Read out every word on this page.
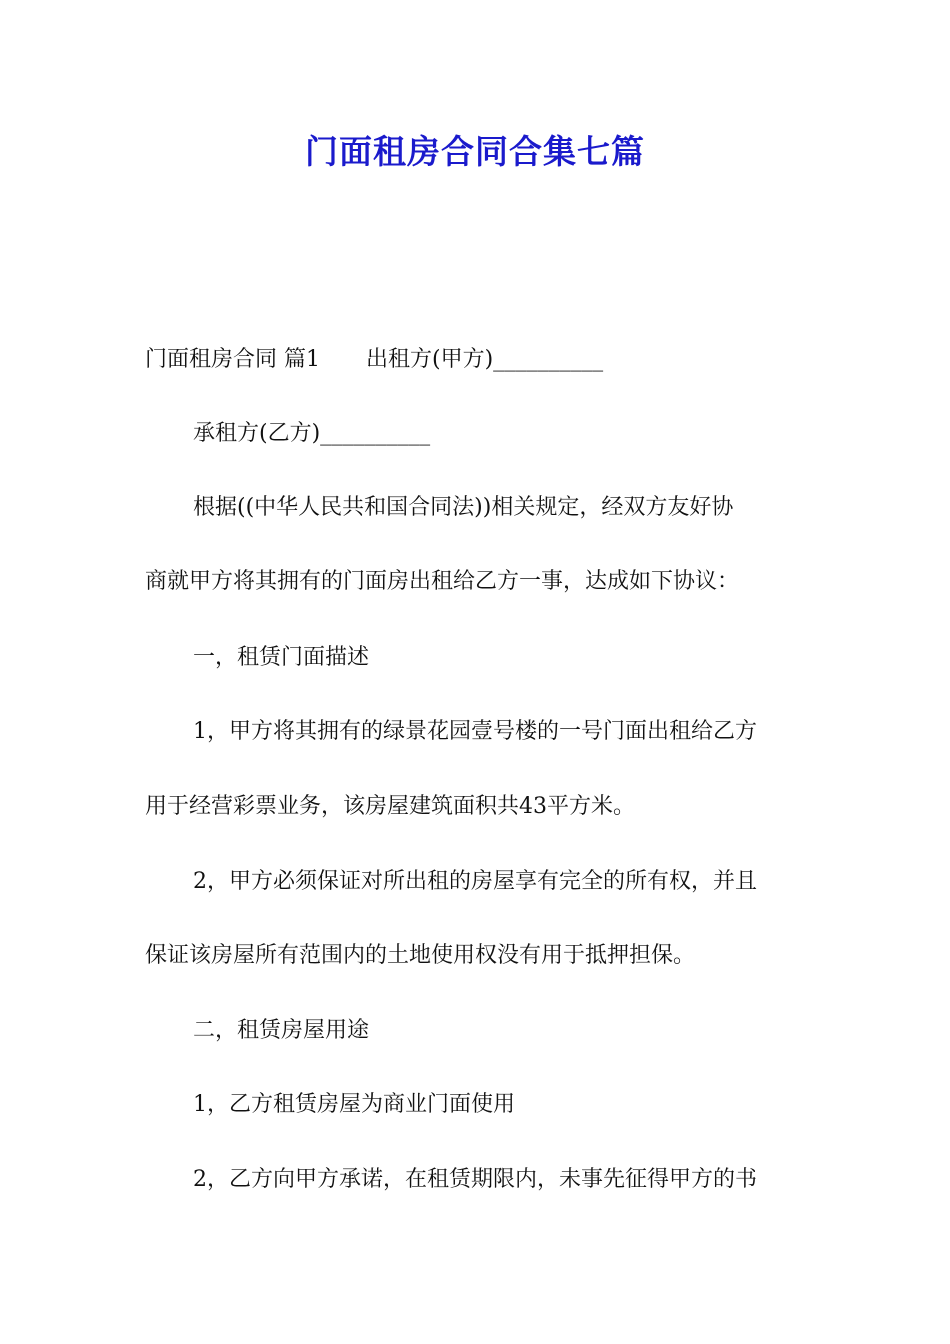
门面租房合同合集七篇

门面租房合同 篇1 出租方(甲方)__________

承租方(乙方)__________

根据((中华人民共和国合同法))相关规定，经双方友好协

商就甲方将其拥有的门面房出租给乙方一事，达成如下协议：

一，租赁门面描述

1，甲方将其拥有的绿景花园壹号楼的一号门面出租给乙方

用于经营彩票业务，该房屋建筑面积共43平方米。

2，甲方必须保证对所出租的房屋享有完全的所有权，并且

保证该房屋所有范围内的土地使用权没有用于抵押担保。

二，租赁房屋用途

1，乙方租赁房屋为商业门面使用

2，乙方向甲方承诺，在租赁期限内，未事先征得甲方的书
